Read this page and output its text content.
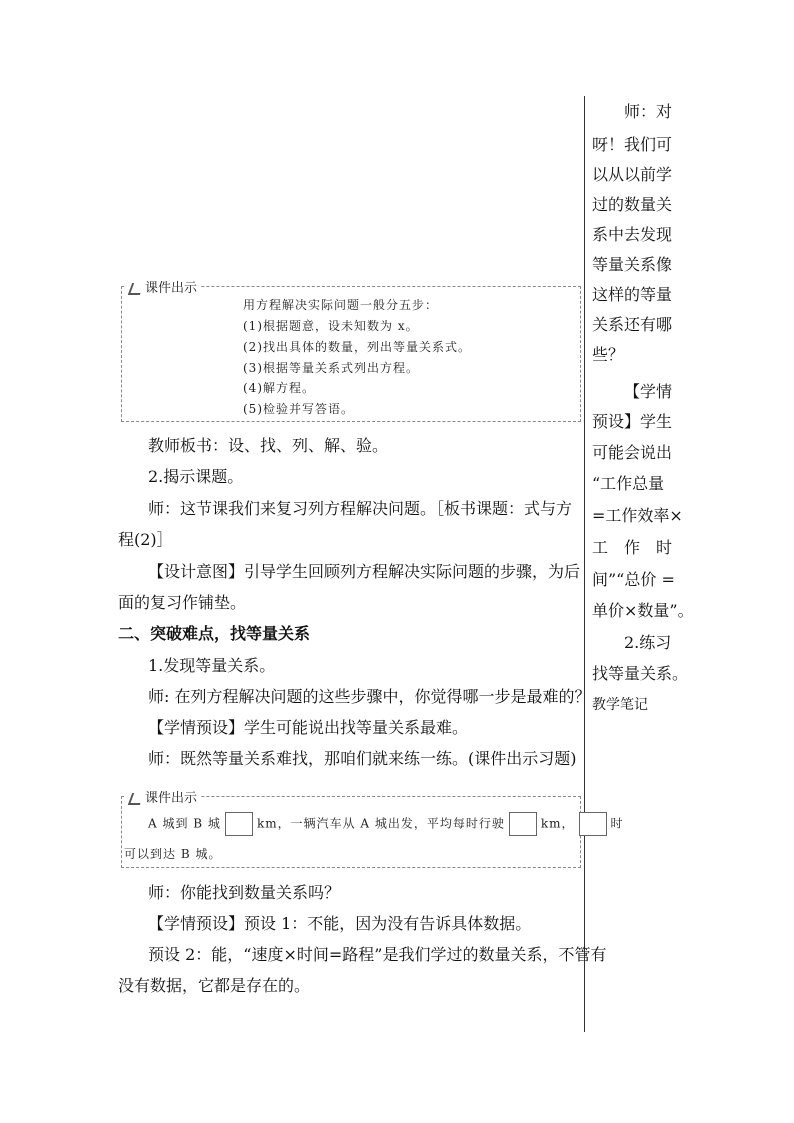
师：对
呀！我们可
以从以前学
过的数量关
系中去发现
等量关系像
这样的等量
关系还有哪
些？
【学情
预设】学生
可能会说出
“工作总量
=工作效率×
工　作　时
间”“总价 =
单价×数量”。
2.练习
找等量关系。
教学笔记
课件出示
用方程解决实际问题一般分五步：
(1)根据题意，设未知数为 x。
(2)找出具体的数量，列出等量关系式。
(3)根据等量关系式列出方程。
(4)解方程。
(5)检验并写答语。
教师板书：设、找、列、解、验。
2.揭示课题。
师：这节课我们来复习列方程解决问题。［板书课题：式与方
程(2)］
【设计意图】引导学生回顾列方程解决实际问题的步骤，为后
面的复习作铺垫。
二、突破难点，找等量关系
1.发现等量关系。
师: 在列方程解决问题的这些步骤中，你觉得哪一步是最难的？
【学情预设】学生可能说出找等量关系最难。
师：既然等量关系难找，那咱们就来练一练。(课件出示习题)
课件出示
A 城到 B 城	km，一辆汽车从 A 城出发，平均每时行驶	km，	时
可以到达 B 城。
师：你能找到数量关系吗？
【学情预设】预设 1：不能，因为没有告诉具体数据。
预设 2：能，“速度×时间=路程”是我们学过的数量关系，不管有
没有数据，它都是存在的。
